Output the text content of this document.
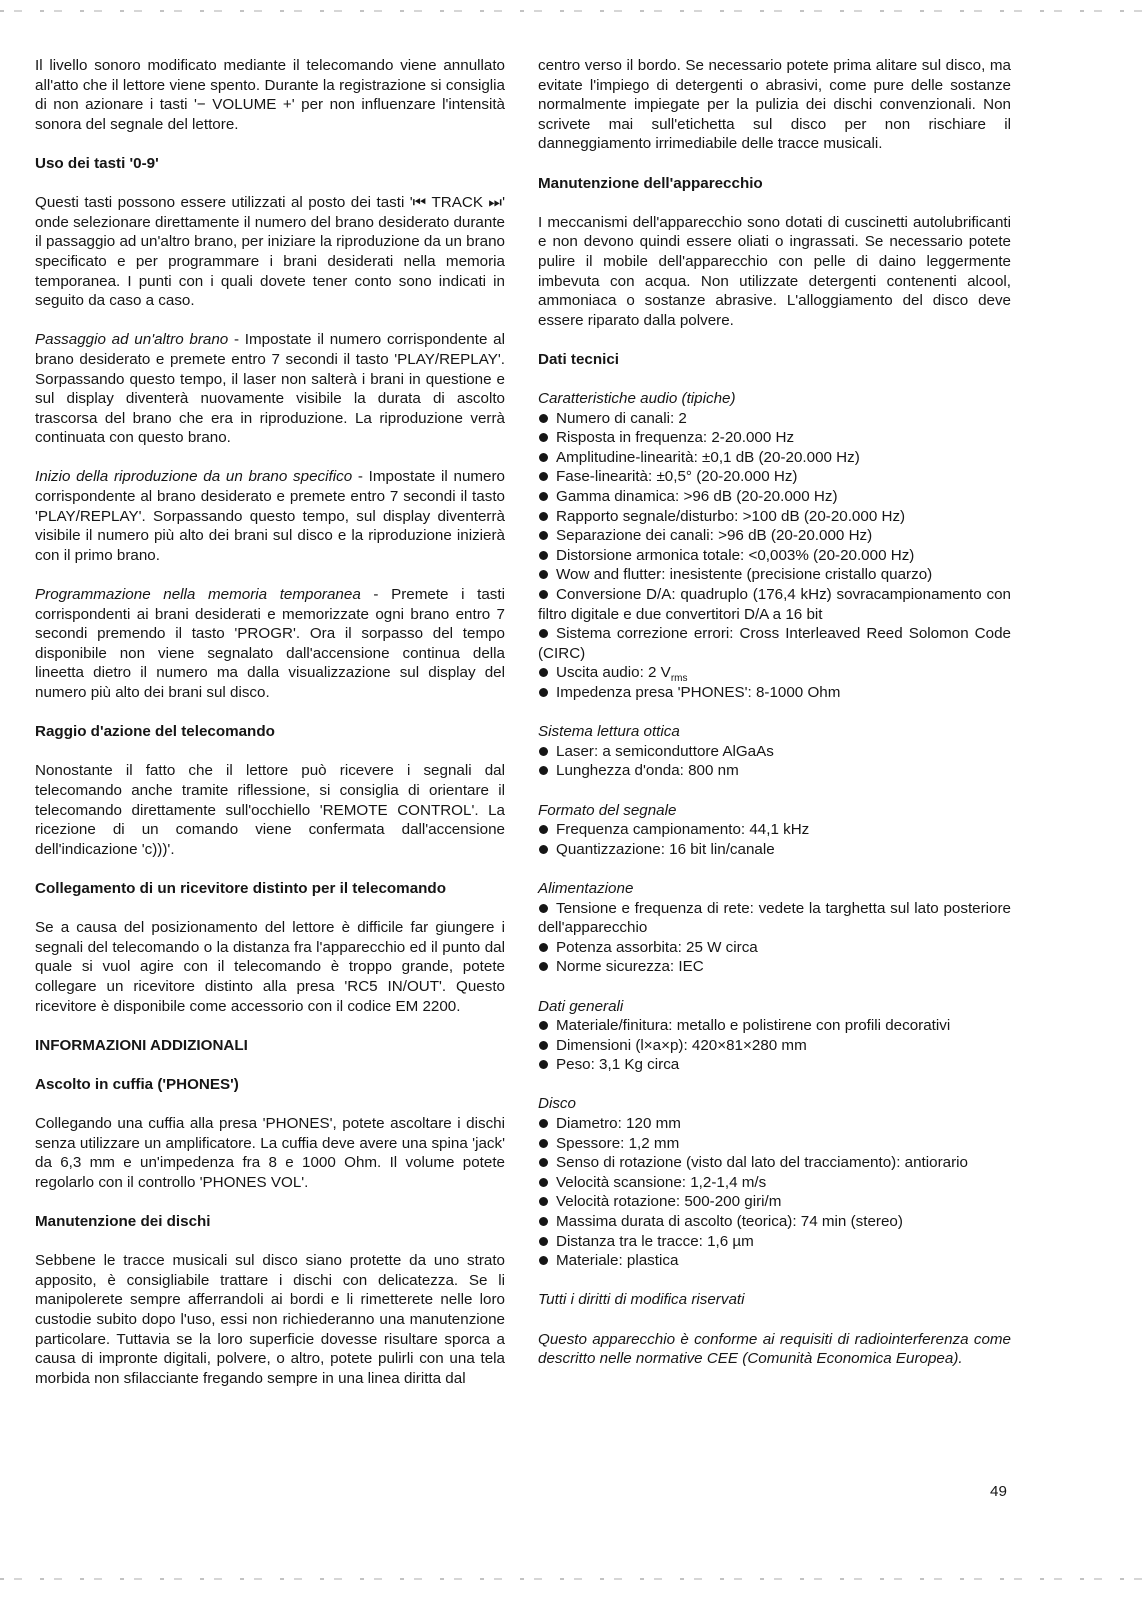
Il livello sonoro modificato mediante il telecomando viene annullato all'atto che il lettore viene spento. Durante la registrazione si consiglia di non azionare i tasti '− VOLUME +' per non influenzare l'intensità sonora del segnale del lettore.
Uso dei tasti '0-9'
Questi tasti possono essere utilizzati al posto dei tasti '⏮ TRACK ⏭' onde selezionare direttamente il numero del brano desiderato durante il passaggio ad un'altro brano, per iniziare la riproduzione da un brano specificato e per programmare i brani desiderati nella memoria temporanea. I punti con i quali dovete tener conto sono indicati in seguito da caso a caso.
Passaggio ad un'altro brano - Impostate il numero corrispondente al brano desiderato e premete entro 7 secondi il tasto 'PLAY/REPLAY'. Sorpassando questo tempo, il laser non salterà i brani in questione e sul display diventerà nuovamente visibile la durata di ascolto trascorsa del brano che era in riproduzione. La riproduzione verrà continuata con questo brano.
Inizio della riproduzione da un brano specifico - Impostate il numero corrispondente al brano desiderato e premete entro 7 secondi il tasto 'PLAY/REPLAY'. Sorpassando questo tempo, sul display diventerrà visibile il numero più alto dei brani sul disco e la riproduzione inizierà con il primo brano.
Programmazione nella memoria temporanea - Premete i tasti corrispondenti ai brani desiderati e memorizzate ogni brano entro 7 secondi premendo il tasto 'PROGR'. Ora il sorpasso del tempo disponibile non viene segnalato dall'accensione continua della lineetta dietro il numero ma dalla visualizzazione sul display del numero più alto dei brani sul disco.
Raggio d'azione del telecomando
Nonostante il fatto che il lettore può ricevere i segnali dal telecomando anche tramite riflessione, si consiglia di orientare il telecomando direttamente sull'occhiello 'REMOTE CONTROL'. La ricezione di un comando viene confermata dall'accensione dell'indicazione 'c)))'.
Collegamento di un ricevitore distinto per il telecomando
Se a causa del posizionamento del lettore è difficile far giungere i segnali del telecomando o la distanza fra l'apparecchio ed il punto dal quale si vuol agire con il telecomando è troppo grande, potete collegare un ricevitore distinto alla presa 'RC5 IN/OUT'. Questo ricevitore è disponibile come accessorio con il codice EM 2200.
INFORMAZIONI ADDIZIONALI
Ascolto in cuffia ('PHONES')
Collegando una cuffia alla presa 'PHONES', potete ascoltare i dischi senza utilizzare un amplificatore. La cuffia deve avere una spina 'jack' da 6,3 mm e un'impedenza fra 8 e 1000 Ohm. Il volume potete regolarlo con il controllo 'PHONES VOL'.
Manutenzione dei dischi
Sebbene le tracce musicali sul disco siano protette da uno strato apposito, è consigliabile trattare i dischi con delicatezza. Se li manipolerete sempre afferrandoli ai bordi e li rimetterete nelle loro custodie subito dopo l'uso, essi non richiederanno una manutenzione particolare. Tuttavia se la loro superficie dovesse risultare sporca a causa di impronte digitali, polvere, o altro, potete pulirli con una tela morbida non sfilacciante fregando sempre in una linea diritta dal
centro verso il bordo. Se necessario potete prima alitare sul disco, ma evitate l'impiego di detergenti o abrasivi, come pure delle sostanze normalmente impiegate per la pulizia dei dischi convenzionali. Non scrivete mai sull'etichetta sul disco per non rischiare il danneggiamento irrimediabile delle tracce musicali.
Manutenzione dell'apparecchio
I meccanismi dell'apparecchio sono dotati di cuscinetti autolubrificanti e non devono quindi essere oliati o ingrassati. Se necessario potete pulire il mobile dell'apparecchio con pelle di daino leggermente imbevuta con acqua. Non utilizzate detergenti contenenti alcool, ammoniaca o sostanze abrasive. L'alloggiamento del disco deve essere riparato dalla polvere.
Dati tecnici
Caratteristiche audio (tipiche)
Numero di canali: 2
Risposta in frequenza: 2-20.000 Hz
Amplitudine-linearità: ±0,1 dB (20-20.000 Hz)
Fase-linearità: ±0,5° (20-20.000 Hz)
Gamma dinamica: >96 dB (20-20.000 Hz)
Rapporto segnale/disturbo: >100 dB (20-20.000 Hz)
Separazione dei canali: >96 dB (20-20.000 Hz)
Distorsione armonica totale: <0,003% (20-20.000 Hz)
Wow and flutter: inesistente (precisione cristallo quarzo)
Conversione D/A: quadruplo (176,4 kHz) sovracampionamento con filtro digitale e due convertitori D/A a 16 bit
Sistema correzione errori: Cross Interleaved Reed Solomon Code (CIRC)
Uscita audio: 2 $V_{rms}$
Impedenza presa 'PHONES': 8-1000 Ohm
Sistema lettura ottica
Laser: a semiconduttore AlGaAs
Lunghezza d'onda: 800 nm
Formato del segnale
Frequenza campionamento: 44,1 kHz
Quantizzazione: 16 bit lin/canale
Alimentazione
Tensione e frequenza di rete: vedete la targhetta sul lato posteriore dell'apparecchio
Potenza assorbita: 25 W circa
Norme sicurezza: IEC
Dati generali
Materiale/finitura: metallo e polistirene con profili decorativi
Dimensioni (l×a×p): 420×81×280 mm
Peso: 3,1 Kg circa
Disco
Diametro: 120 mm
Spessore: 1,2 mm
Senso di rotazione (visto dal lato del tracciamento): antiorario
Velocità scansione: 1,2-1,4 m/s
Velocità rotazione: 500-200 giri/m
Massima durata di ascolto (teorica): 74 min (stereo)
Distanza tra le tracce: 1,6 µm
Materiale: plastica
Tutti i diritti di modifica riservati
Questo apparecchio è conforme ai requisiti di radiointerferenza come descritto nelle normative CEE (Comunità Economica Europea).
49
